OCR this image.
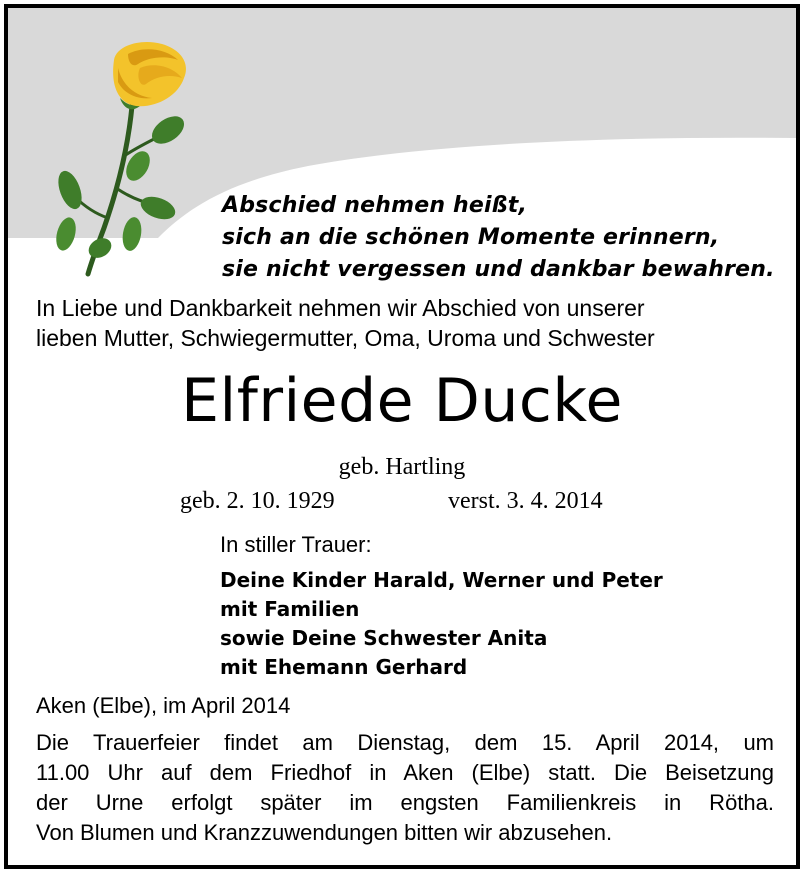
Abschied nehmen heißt,
sich an die schönen Momente erinnern,
sie nicht vergessen und dankbar bewahren.
In Liebe und Dankbarkeit nehmen wir Abschied von unserer
lieben Mutter, Schwiegermutter, Oma, Uroma und Schwester
Elfriede Ducke
geb. Hartling
geb. 2. 10. 1929	verst. 3. 4. 2014
In stiller Trauer:
Deine Kinder Harald, Werner und Peter
mit Familien
sowie Deine Schwester Anita
mit Ehemann Gerhard
Aken (Elbe), im April 2014
Die Trauerfeier findet am Dienstag, dem 15. April 2014, um
11.00 Uhr auf dem Friedhof in Aken (Elbe) statt. Die Beisetzung
der Urne erfolgt später im engsten Familienkreis in Rötha.
Von Blumen und Kranzzuwendungen bitten wir abzusehen.
